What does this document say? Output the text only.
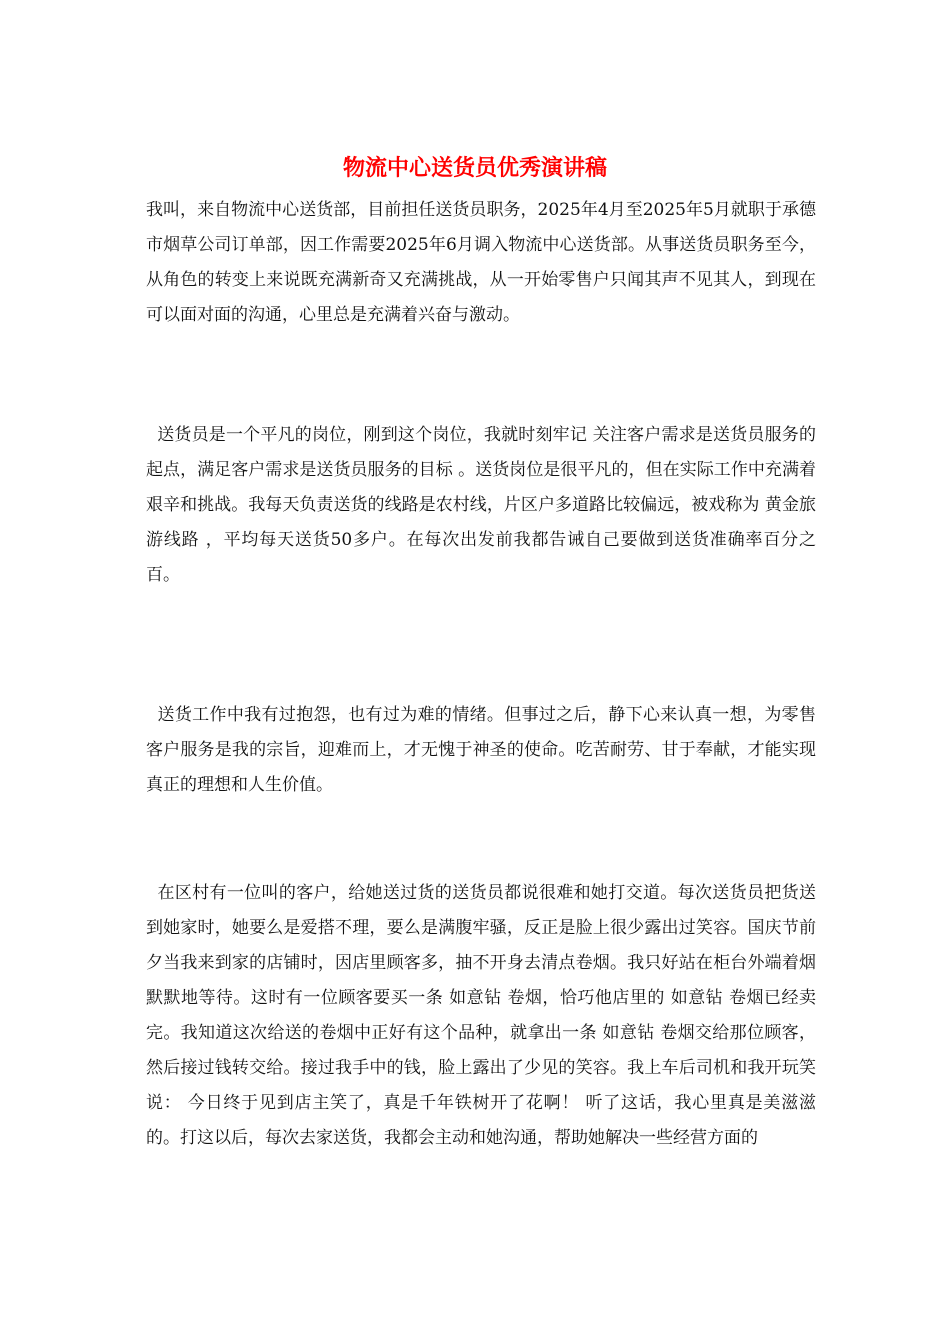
物流中心送货员优秀演讲稿

我叫，来自物流中心送货部，目前担任送货员职务，2025年4月至2025年5月就职于承德市烟草公司订单部，因工作需要2025年6月调入物流中心送货部。从事送货员职务至今，从角色的转变上来说既充满新奇又充满挑战，从一开始零售户只闻其声不见其人，到现在可以面对面的沟通，心里总是充满着兴奋与激动。

送货员是一个平凡的岗位，刚到这个岗位，我就时刻牢记 关注客户需求是送货员服务的起点，满足客户需求是送货员服务的目标 。送货岗位是很平凡的，但在实际工作中充满着艰辛和挑战。我每天负责送货的线路是农村线，片区户多道路比较偏远，被戏称为 黄金旅游线路 ，平均每天送货50多户。在每次出发前我都告诫自己要做到送货准确率百分之百。

送货工作中我有过抱怨，也有过为难的情绪。但事过之后，静下心来认真一想，为零售客户服务是我的宗旨，迎难而上，才无愧于神圣的使命。吃苦耐劳、甘于奉献，才能实现真正的理想和人生价值。

在区村有一位叫的客户，给她送过货的送货员都说很难和她打交道。每次送货员把货送到她家时，她要么是爱搭不理，要么是满腹牢骚，反正是脸上很少露出过笑容。国庆节前夕当我来到家的店铺时，因店里顾客多，抽不开身去清点卷烟。我只好站在柜台外端着烟默默地等待。这时有一位顾客要买一条 如意钻 卷烟，恰巧他店里的 如意钻 卷烟已经卖完。我知道这次给送的卷烟中正好有这个品种，就拿出一条 如意钻 卷烟交给那位顾客，然后接过钱转交给。接过我手中的钱，脸上露出了少见的笑容。我上车后司机和我开玩笑说： 今日终于见到店主笑了，真是千年铁树开了花啊！ 听了这话，我心里真是美滋滋的。打这以后，每次去家送货，我都会主动和她沟通，帮助她解决一些经营方面的
